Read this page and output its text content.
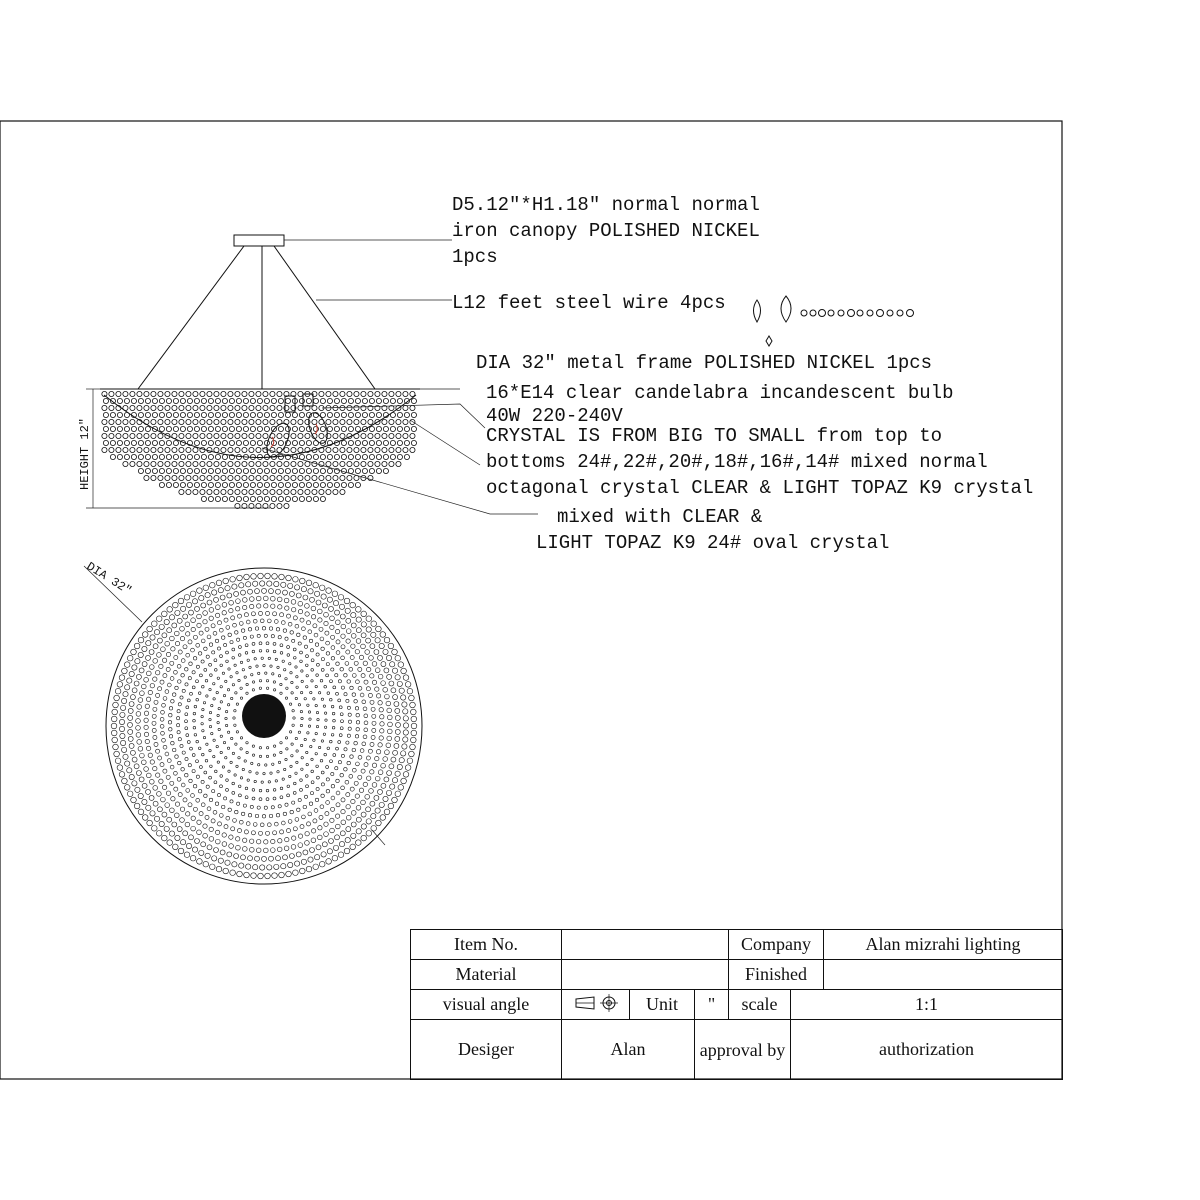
HEIGHT 12"
D5.12"*H1.18" normal normal iron canopy POLISHED NICKEL 1pcs
L12 feet steel wire 4pcs
DIA 32" metal frame POLISHED NICKEL 1pcs
16*E14 clear candelabra incandescent bulb 40W 220-240V
CRYSTAL IS FROM BIG TO SMALL from top to bottoms 24#,22#,20#,18#,16#,14# mixed normal octagonal crystal CLEAR & LIGHT TOPAZ K9 crystal
mixed with CLEAR & LIGHT TOPAZ K9 24# oval crystal
DIA 32"
Item No.				Company		Alan mizrahi lighting
Material				Finished		
visual angle		Unit	"	scale	1:1	
Desiger	Alan		approval by		authorization	
